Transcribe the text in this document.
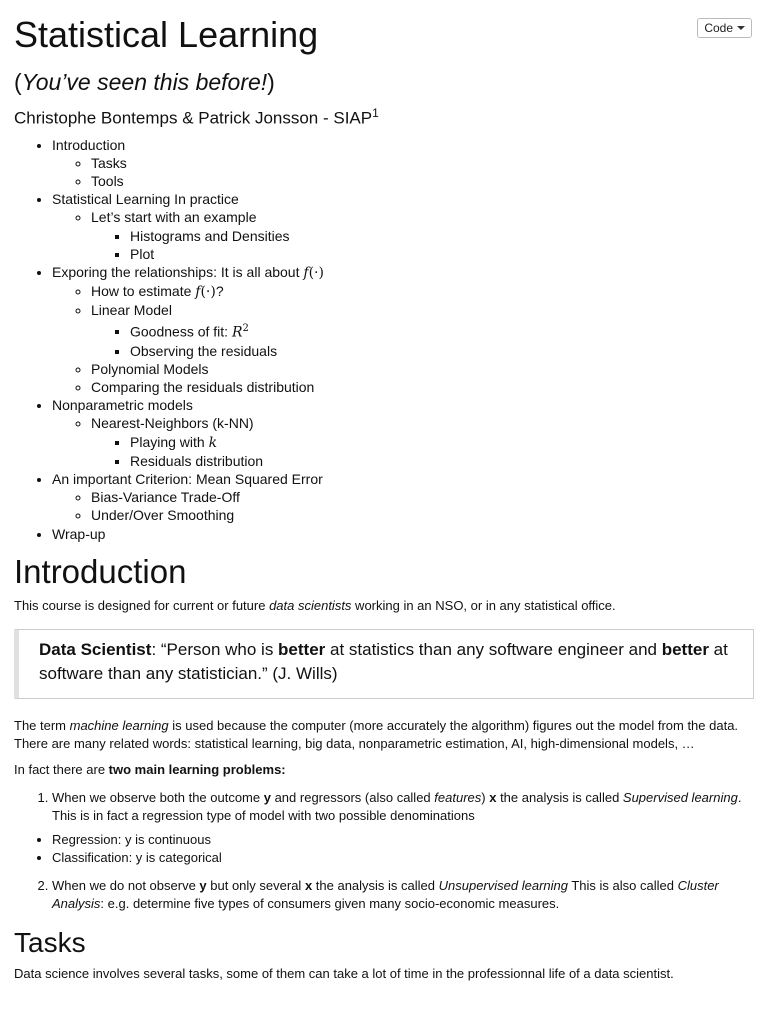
Code
Statistical Learning
(You’ve seen this before!)
Christophe Bontemps & Patrick Jonsson - SIAP$^1$
• Introduction
◦ Tasks
◦ Tools
• Statistical Learning In practice
◦ Let’s start with an example
▪ Histograms and Densities
▪ Plot
• Exporing the relationships: It is all about f(·)
◦ How to estimate f(·)?
◦ Linear Model
▪ Goodness of fit: $R^2$
▪ Observing the residuals
◦ Polynomial Models
◦ Comparing the residuals distribution
• Nonparametric models
◦ Nearest-Neighbors (k-NN)
▪ Playing with k
▪ Residuals distribution
• An important Criterion: Mean Squared Error
◦ Bias-Variance Trade-Off
◦ Under/Over Smoothing
• Wrap-up
Introduction

This course is designed for current or future data scientists working in an NSO, or in any statistical office.

Data Scientist: “Person who is better at statistics than any software engineer and better at software than any statistician.” (J. Wills)

The term machine learning is used because the computer (more accurately the algorithm) figures out the model from the data. There are many related words: statistical learning, big data, nonparametric estimation, AI, high-dimensional models, …

In fact there are two main learning problems:

1. When we observe both the outcome y and regressors (also called features) x the analysis is called Supervised learning. This is in fact a regression type of model with two possible denominations
• Regression: y is continuous
• Classification: y is categorical
2. When we do not observe y but only several x the analysis is called Unsupervised learning This is also called Cluster Analysis: e.g. determine five types of consumers given many socio-economic measures.
Tasks

Data science involves several tasks, some of them can take a lot of time in the professionnal life of a data scientist.
